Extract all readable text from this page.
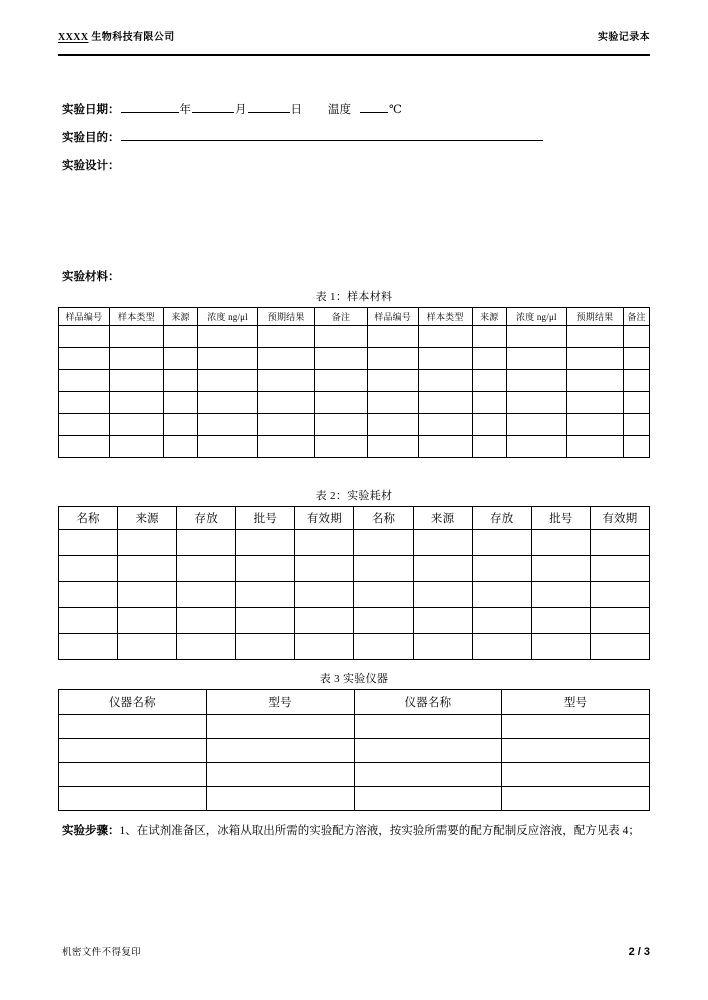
XXXX 生物科技有限公司	实验记录本
实验日期：	年	月	日 温度	℃
实验目的：
实验设计：
实验材料：
表 1：样本材料
样品编号	样本类型	来源	浓度 ng/μl	预期结果	备注	样品编号	样本类型	来源	浓度 ng/μl	预期结果	备注

表 2：实验耗材
名称	来源	存放	批号	有效期	名称	来源	存放	批号	有效期

表 3 实验仪器
仪器名称	型号	仪器名称	型号

实验步骤：1、在试剂准备区，冰箱从取出所需的实验配方溶液，按实验所需要的配方配制反应溶液，配方见表 4；
机密文件不得复印	2 / 3
